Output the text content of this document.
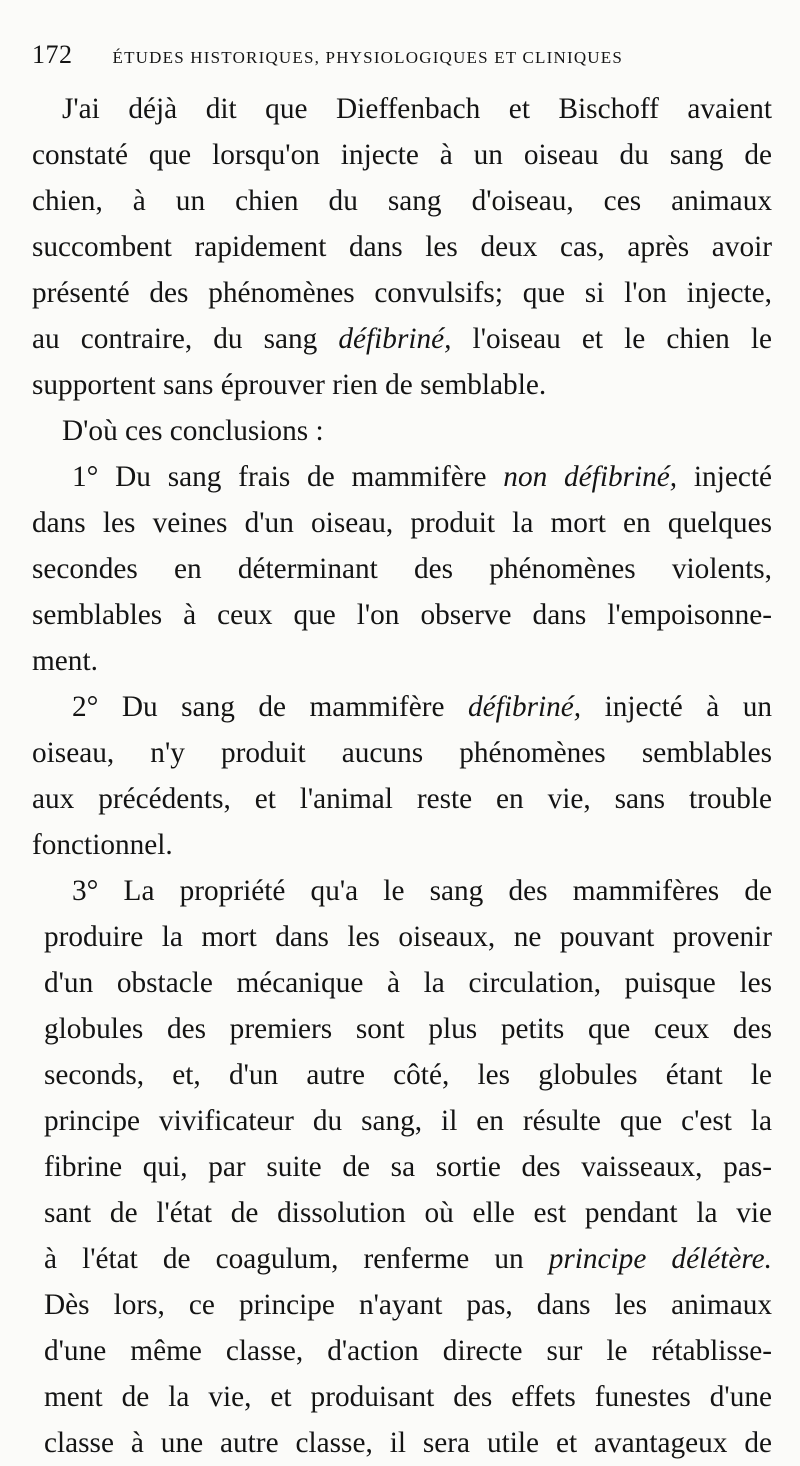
172 ÉTUDES HISTORIQUES, PHYSIOLOGIQUES ET CLINIQUES
J'ai déjà dit que Dieffenbach et Bischoff avaient
constaté que lorsqu'on injecte à un oiseau du sang de
chien, à un chien du sang d'oiseau, ces animaux
succombent rapidement dans les deux cas, après avoir
présenté des phénomènes convulsifs; que si l'on injecte,
au contraire, du sang défibriné, l'oiseau et le chien le
supportent sans éprouver rien de semblable.
D'où ces conclusions :
1° Du sang frais de mammifère non défibriné, injecté
dans les veines d'un oiseau, produit la mort en quelques
secondes en déterminant des phénomènes violents,
semblables à ceux que l'on observe dans l'empoisonne-
ment.
2° Du sang de mammifère défibriné, injecté à un
oiseau, n'y produit aucuns phénomènes semblables
aux précédents, et l'animal reste en vie, sans trouble
fonctionnel.
3° La propriété qu'a le sang des mammifères de
produire la mort dans les oiseaux, ne pouvant provenir
d'un obstacle mécanique à la circulation, puisque les
globules des premiers sont plus petits que ceux des
seconds, et, d'un autre côté, les globules étant le
principe vivificateur du sang, il en résulte que c'est la
fibrine qui, par suite de sa sortie des vaisseaux, pas-
sant de l'état de dissolution où elle est pendant la vie
à l'état de coagulum, renferme un principe délétère.
Dès lors, ce principe n'ayant pas, dans les animaux
d'une même classe, d'action directe sur le rétablisse-
ment de la vie, et produisant des effets funestes d'une
classe à une autre classe, il sera utile et avantageux de
